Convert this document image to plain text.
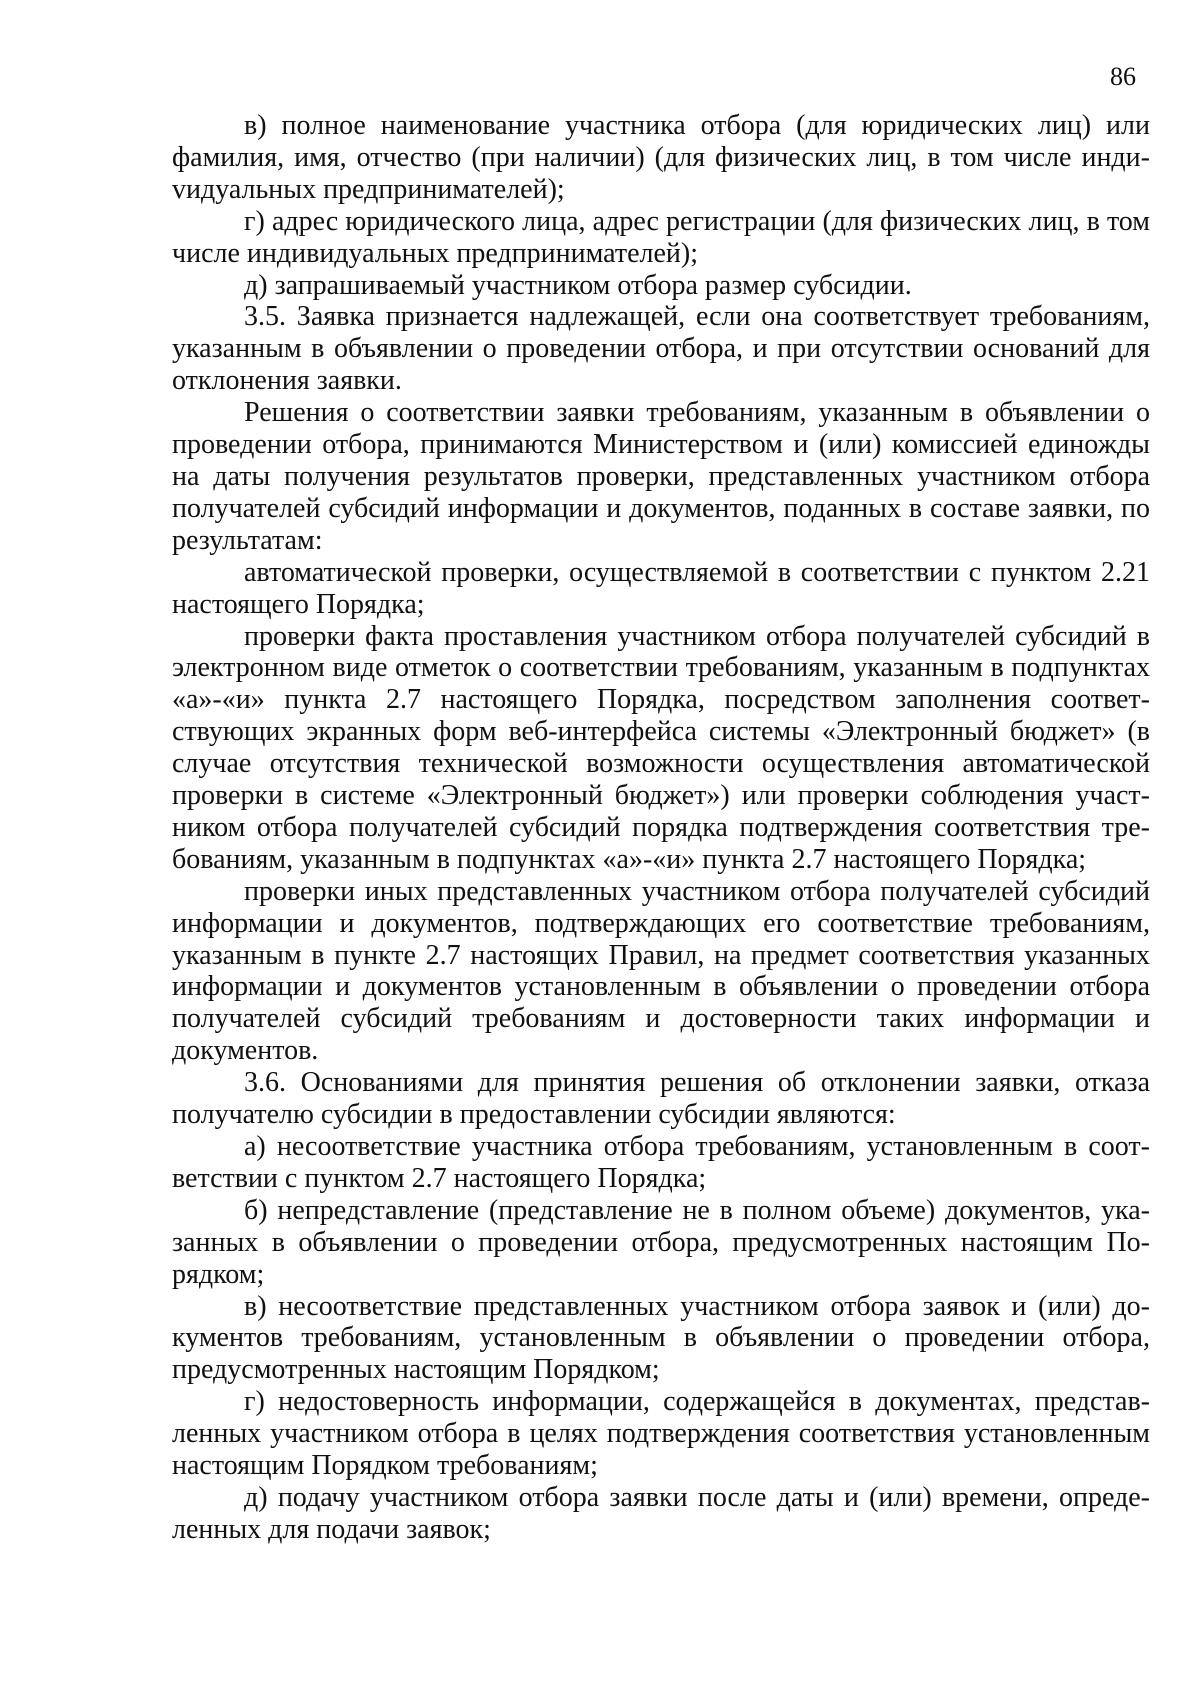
86

в) полное наименование участника отбора (для юридических лиц) или фамилия, имя, отчество (при наличии) (для физических лиц, в том числе индиvидуальных предпринимателей);

г) адрес юридического лица, адрес регистрации (для физических лиц, в том числе индивидуальных предпринимателей);

д) запрашиваемый участником отбора размер субсидии.

3.5. Заявка признается надлежащей, если она соответствует требованиям, указанным в объявлении о проведении отбора, и при отсутствии оснований для отклонения заявки.

Решения о соответствии заявки требованиям, указанным в объявлении о проведении отбора, принимаются Министерством и (или) комиссией единожды на даты получения результатов проверки, представленных участником отбора получателей субсидий информации и документов, поданных в составе заявки, по результатам:

автоматической проверки, осуществляемой в соответствии с пунктом 2.21 настоящего Порядка;

проверки факта проставления участником отбора получателей субсидий в электронном виде отметок о соответствии требованиям, указанным в подпунктах «а»-«и» пункта 2.7 настоящего Порядка, посредством заполнения соответствующих экранных форм веб-интерфейса системы «Электронный бюджет» (в случае отсутствия технической возможности осуществления автоматической проверки в системе «Электронный бюджет») или проверки соблюдения участником отбора получателей субсидий порядка подтверждения соответствия требованиям, указанным в подпунктах «а»-«и» пункта 2.7 настоящего Порядка;

проверки иных представленных участником отбора получателей субсидий информации и документов, подтверждающих его соответствие требованиям, указанным в пункте 2.7 настоящих Правил, на предмет соответствия указанных информации и документов установленным в объявлении о проведении отбора получателей субсидий требованиям и достоверности таких информации и документов.

3.6. Основаниями для принятия решения об отклонении заявки, отказа получателю субсидии в предоставлении субсидии являются:

а) несоответствие участника отбора требованиям, установленным в соответствии с пунктом 2.7 настоящего Порядка;

б) непредставление (представление не в полном объеме) документов, указанных в объявлении о проведении отбора, предусмотренных настоящим Порядком;

в) несоответствие представленных участником отбора заявок и (или) документов требованиям, установленным в объявлении о проведении отбора, предусмотренных настоящим Порядком;

г) недостоверность информации, содержащейся в документах, представленных участником отбора в целях подтверждения соответствия установленным настоящим Порядком требованиям;

д) подачу участником отбора заявки после даты и (или) времени, определенных для подачи заявок;
